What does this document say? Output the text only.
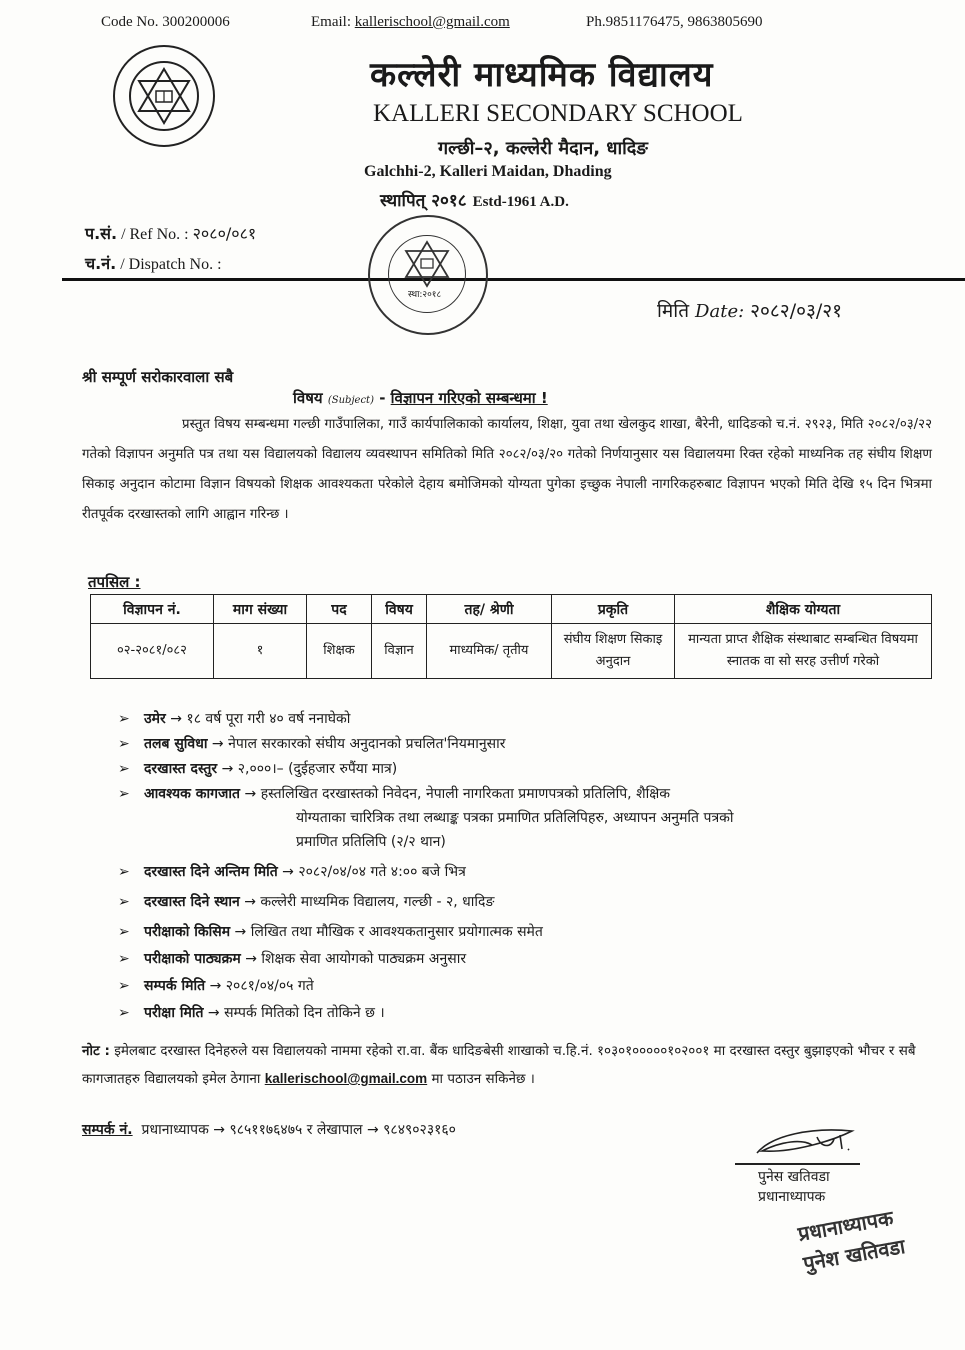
Code No. 300200006	Email: kallerischool@gmail.com	Ph.9851176475, 9863805690
कल्लेरी माध्यमिक विद्यालय
KALLERI SECONDARY SCHOOL
गल्छी–२, कल्लेरी मैदान, धादिङ
Galchhi-2, Kalleri Maidan, Dhading
स्थापित् २०१८ Estd-1961 A.D.
प.सं. / Ref No. : २०८०/०८१
च.नं. / Dispatch No. :
स्था:२०१८
मिति Date: २०८२/०३/२१
श्री सम्पूर्ण सरोकारवाला सबै
विषय (Subject) - विज्ञापन गरिएको सम्बन्धमा !
प्रस्तुत विषय सम्बन्धमा गल्छी गाउँपालिका, गाउँ कार्यपालिकाको कार्यालय, शिक्षा, युवा तथा खेलकुद शाखा, बैरेनी, धादिङको च.नं. २९२३, मिति २०८२/०३/२२ गतेको विज्ञापन अनुमति पत्र तथा यस विद्यालयको विद्यालय व्यवस्थापन समितिको मिति २०८२/०३/२० गतेको निर्णयानुसार यस विद्यालयमा रिक्त रहेको माध्यनिक तह संघीय शिक्षण सिकाइ अनुदान कोटामा विज्ञान विषयको शिक्षक आवश्यकता परेकोले देहाय बमोजिमको योग्यता पुगेका इच्छुक नेपाली नागरिकहरुबाट विज्ञापन भएको मिति देखि १५ दिन भित्रमा रीतपूर्वक दरखास्तको लागि आह्वान गरिन्छ ।
तपसिल :
विज्ञापन नं.	माग संख्या	पद	विषय	तह/ श्रेणी	प्रकृति	शैक्षिक योग्यता
०२-२०८१/०८२	१	शिक्षक	विज्ञान	माध्यमिक/ तृतीय	संघीय शिक्षण सिकाइ अनुदान	मान्यता प्राप्त शैक्षिक संस्थाबाट सम्बन्धित विषयमा स्नातक वा सो सरह उत्तीर्ण गरेको
➢ उमेर → १८ वर्ष पूरा गरी ४० वर्ष ननाघेको
➢ तलब सुविधा → नेपाल सरकारको संघीय अनुदानको प्रचलित'नियमानुसार
➢ दरखास्त दस्तुर → २,०००।– (दुईहजार रुपैंया मात्र)
➢ आवश्यक कागजात → हस्तलिखित दरखास्तको निवेदन, नेपाली नागरिकता प्रमाणपत्रको प्रतिलिपि, शैक्षिक
योग्यताका चारित्रिक तथा लब्धाङ्क पत्रका प्रमाणित प्रतिलिपिहरु, अध्यापन अनुमति पत्रको
प्रमाणित प्रतिलिपि (२/२ थान)
➢ दरखास्त दिने अन्तिम मिति → २०८२/०४/०४ गते ४:०० बजे भित्र
➢ दरखास्त दिने स्थान → कल्लेरी माध्यमिक विद्यालय, गल्छी - २, धादिङ
➢ परीक्षाको किसिम → लिखित तथा मौखिक र आवश्यकतानुसार प्रयोगात्मक समेत
➢ परीक्षाको पाठ्यक्रम → शिक्षक सेवा आयोगको पाठ्यक्रम अनुसार
➢ सम्पर्क मिति → २०८१/०४/०५ गते
➢ परीक्षा मिति → सम्पर्क मितिको दिन तोकिने छ ।
नोट : इमेलबाट दरखास्त दिनेहरुले यस विद्यालयको नाममा रहेको रा.वा. बैंक धादिङबेसी शाखाको च.हि.नं. १०३०१०००००१०२००१ मा दरखास्त दस्तुर बुझाइएको भौचर र सबै कागजातहरु विद्यालयको इमेल ठेगाना kallerischool@gmail.com मा पठाउन सकिनेछ ।
सम्पर्क नं. प्रधानाध्यापक → ९८५११७६४७५ र लेखापाल → ९८४९०२३१६०
पुनेस खतिवडा
प्रधानाध्यापक
प्रधानाध्यापक
पुनेश खतिवडा
